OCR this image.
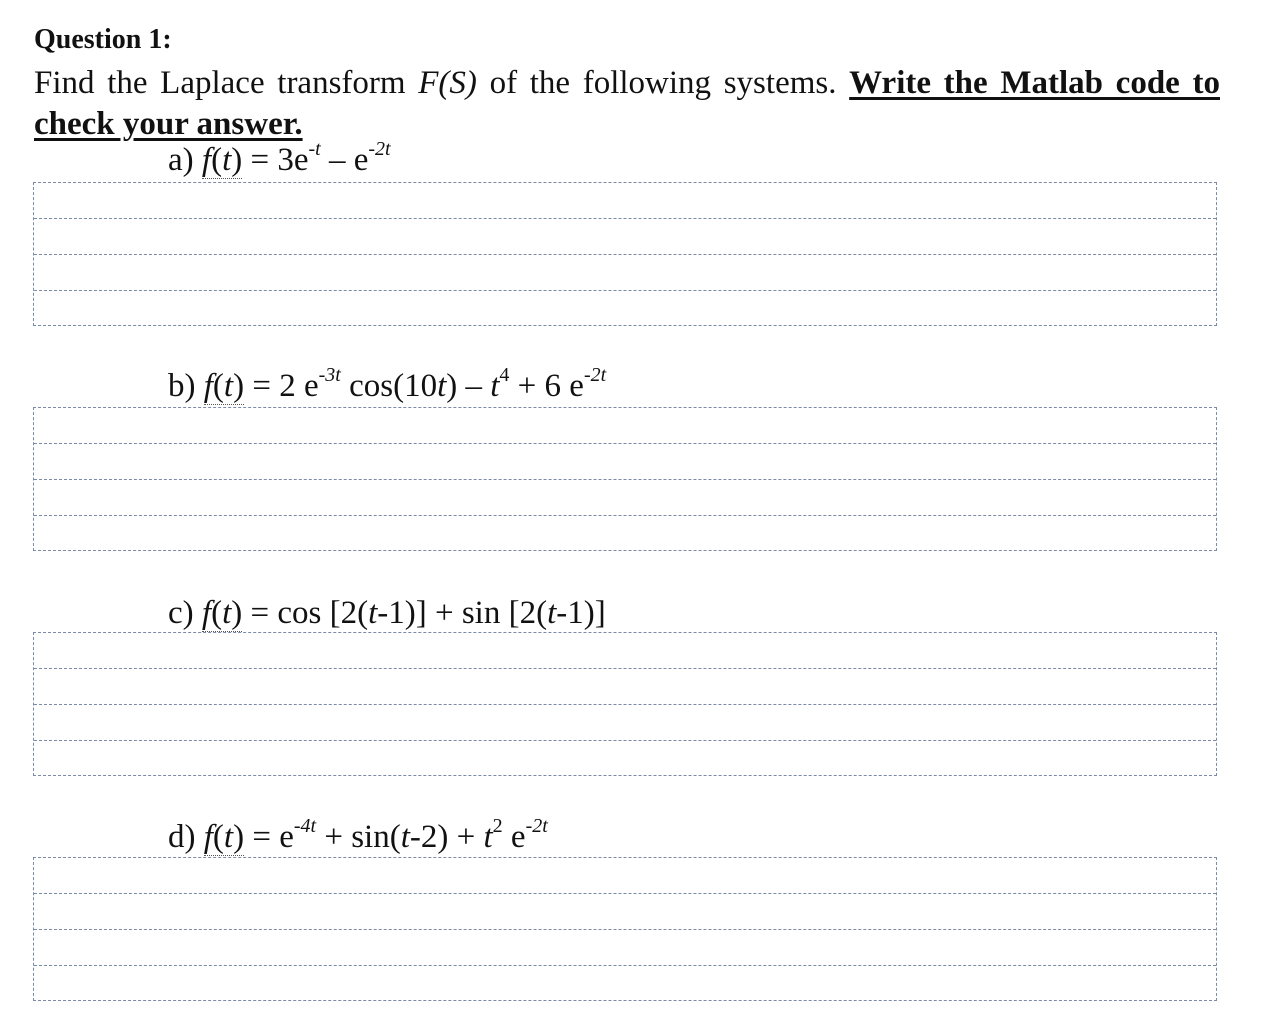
Question 1:

Find the Laplace transform F(S) of the following systems. Write the Matlab code to check your answer.

a) $f(t) = 3e^{-t} - e^{-2t}$
b) f(t) = 2 $e^{-3t}$ $\cos(10t) - t^4 + 6$ $e^{-2t}$
c) f(t) = cos [2(t-1)] + sin [2(t-1)]
d) $f(t) = e^{-4t} + \sin(t-2) + t^2$ $e^{-2t}$
